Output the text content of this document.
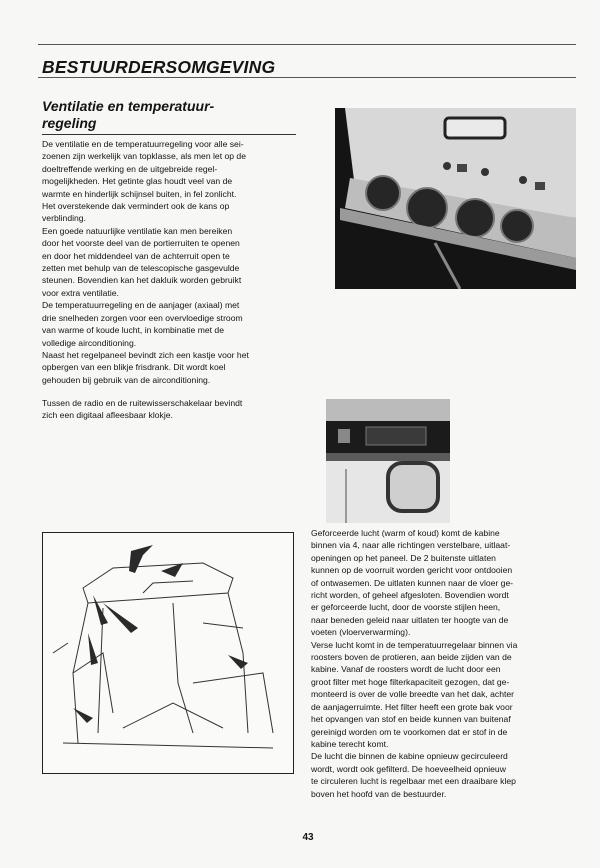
BESTUURDERSOMGEVING
Ventilatie en temperatuur-
regeling

De ventilatie en de temperatuurregeling voor alle sei-
zoenen zijn werkelijk van topklasse, als men let op de
doeltreffende werking en de uitgebreide regel-
mogelijkheden. Het getinte glas houdt veel van de
warmte en hinderlijk schijnsel buiten, in fel zonlicht.
Het overstekende dak vermindert ook de kans op
verblinding.
Een goede natuurlijke ventilatie kan men bereiken
door het voorste deel van de portierruiten te openen
en door het middendeel van de achterruit open te
zetten met behulp van de telescopische gasgevulde
steunen. Bovendien kan het dakluik worden gebruikt
voor extra ventilatie.
De temperatuurregeling en de aanjager (axiaal) met
drie snelheden zorgen voor een overvloedige stroom
van warme of koude lucht, in kombinatie met de
volledige airconditioning.
Naast het regelpaneel bevindt zich een kastje voor het
opbergen van een blikje frisdrank. Dit wordt koel
gehouden bij gebruik van de airconditioning.

Tussen de radio en de ruitewisserschakelaar bevindt
zich een digitaal afleesbaar klokje.

Geforceerde lucht (warm of koud) komt de kabine
binnen via 4, naar alle richtingen verstelbare, uitlaat-
openingen op het paneel. De 2 buitenste uitlaten
kunnen op de voorruit worden gericht voor ontdooien
of ontwasemen. De uitlaten kunnen naar de vloer ge-
richt worden, of geheel afgesloten. Bovendien wordt
er geforceerde lucht, door de voorste stijlen heen,
naar beneden geleid naar uitlaten ter hoogte van de
voeten (vloerverwarming).
Verse lucht komt in de temperatuurregelaar binnen via
roosters boven de protieren, aan beide zijden van de
kabine. Vanaf de roosters wordt de lucht door een
groot filter met hoge filterkapaciteit gezogen, dat ge-
monteerd is over de volle breedte van het dak, achter
de aanjagerruimte. Het filter heeft een grote bak voor
het opvangen van stof en beide kunnen van buitenaf
gereinigd worden om te voorkomen dat er stof in de
kabine terecht komt.
De lucht die binnen de kabine opnieuw gecirculeerd
wordt, wordt ook gefilterd. De hoeveelheid opnieuw
te circuleren lucht is regelbaar met een draaibare klep
boven het hoofd van de bestuurder.

43
